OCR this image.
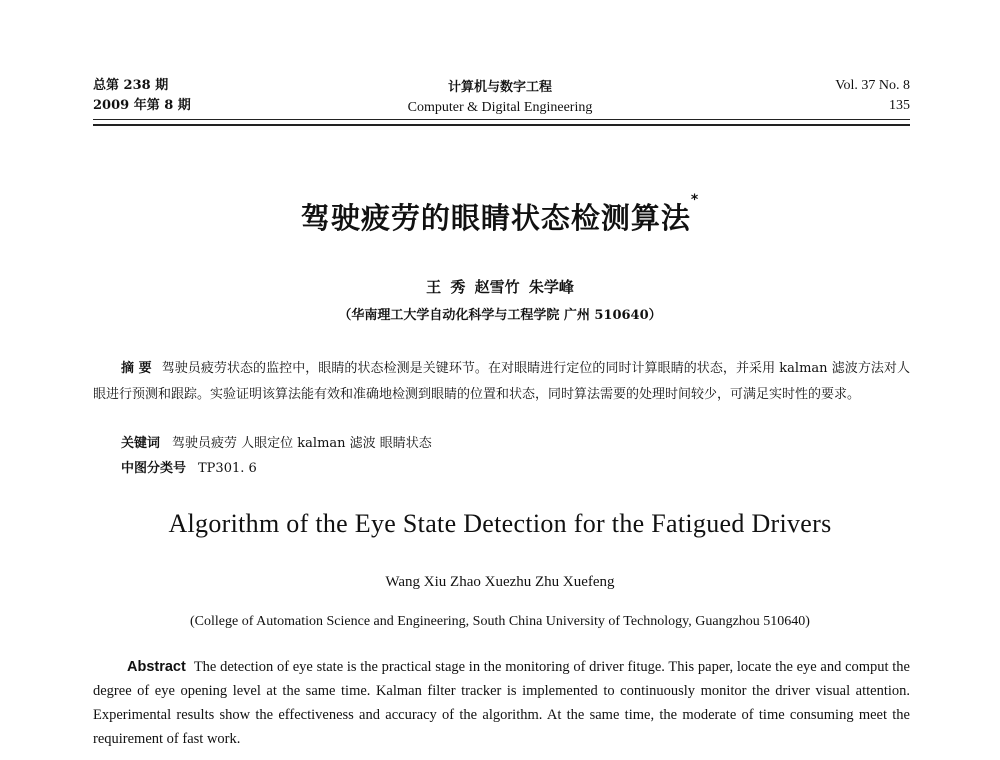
总第 238 期
2009 年第 8 期
计算机与数字工程
Computer & Digital Engineering
Vol. 37 No. 8
135
驾驶疲劳的眼睛状态检测算法*
王 秀 赵雪竹 朱学峰
（华南理工大学自动化科学与工程学院 广州 510640）
摘 要 驾驶员疲劳状态的监控中，眼睛的状态检测是关键环节。在对眼睛进行定位的同时计算眼睛的状态，并采用 kalman 滤波方法对人眼进行预测和跟踪。实验证明该算法能有效和准确地检测到眼睛的位置和状态，同时算法需要的处理时间较少，可满足实时性的要求。
关键词 驾驶员疲劳 人眼定位 kalman 滤波 眼睛状态
中图分类号 TP301. 6
Algorithm of the Eye State Detection for the Fatigued Drivers
Wang Xiu Zhao Xuezhu Zhu Xuefeng
(College of Automation Science and Engineering, South China University of Technology, Guangzhou 510640)
Abstract The detection of eye state is the practical stage in the monitoring of driver fituge. This paper, locate the eye and comput the degree of eye opening level at the same time. Kalman filter tracker is implemented to continuously monitor the driver visual attention. Experimental results show the effectiveness and accuracy of the algorithm. At the same time, the moderate of time consuming meet the requirement of fast work.
